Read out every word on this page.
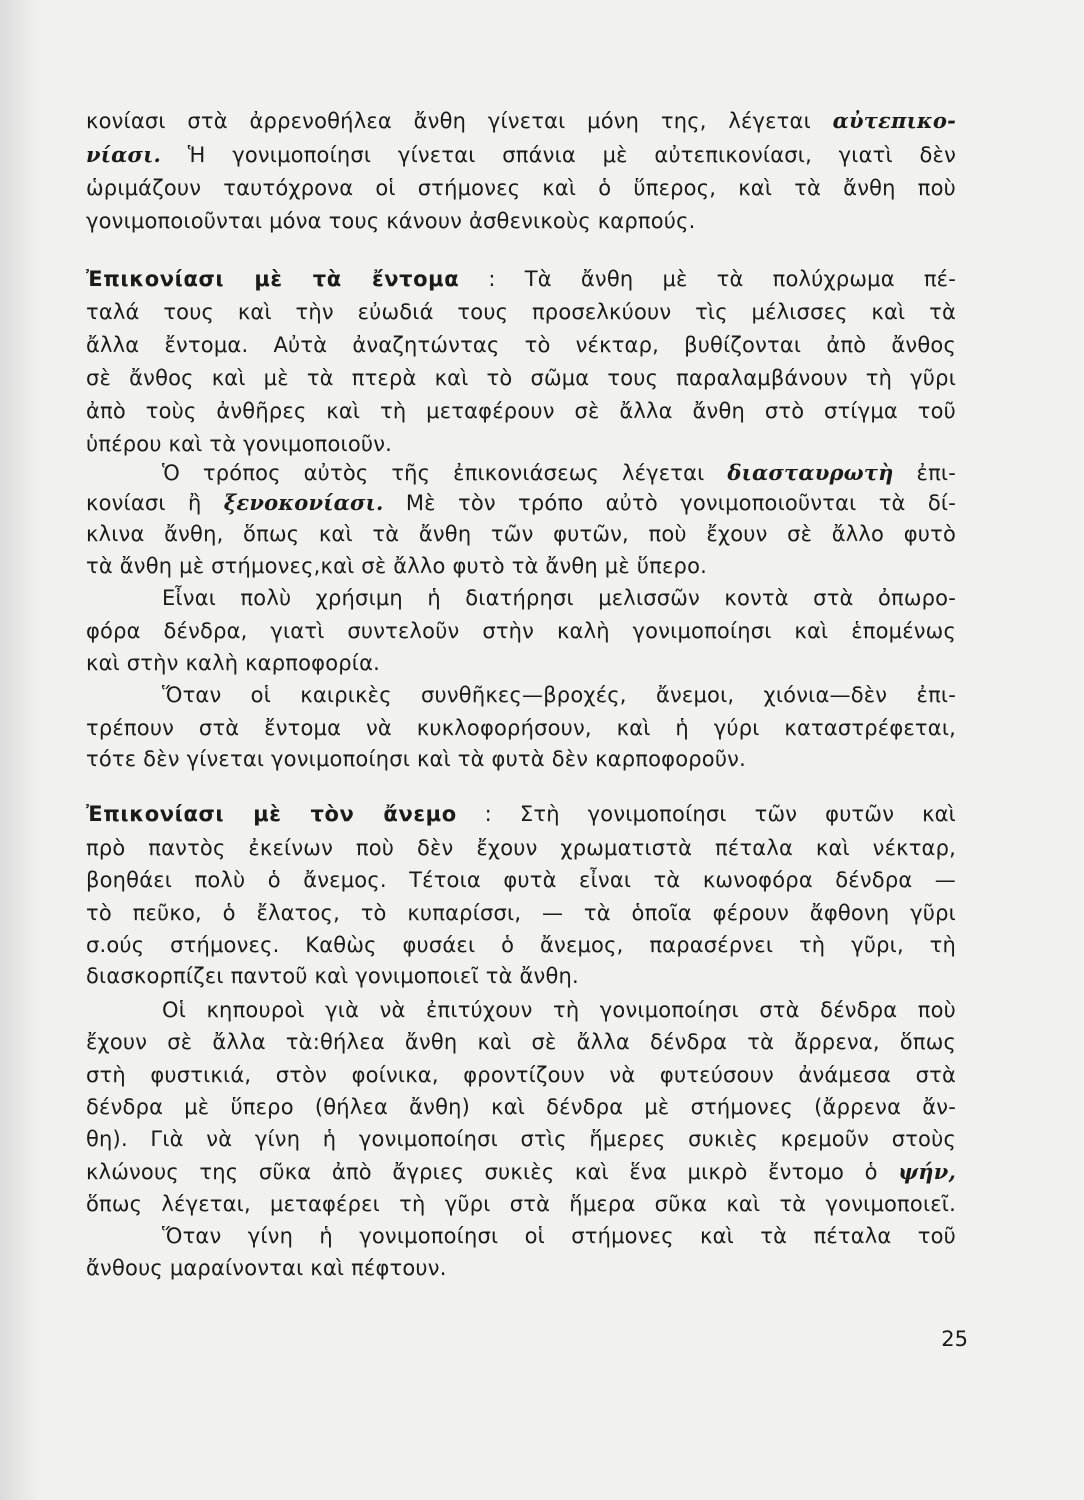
κονίασι στὰ ἀρρενοθήλεα ἄνθη γίνεται μόνη της, λέγεται αὐτεπικο-
νίασι. Ἡ γονιμοποίησι γίνεται σπάνια μὲ αὐτεπικονίασι, γιατὶ δὲν
ὡριμάζουν ταυτόχρονα οἱ στήμονες καὶ ὁ ὕπερος, καὶ τὰ ἄνθη ποὺ
γονιμοποιοῦνται μόνα τους κάνουν ἀσθενικοὺς καρπούς.
Ἐπικονίασι μὲ τὰ ἔντομα : Τὰ ἄνθη μὲ τὰ πολύχρωμα πέ-
ταλά τους καὶ τὴν εὐωδιά τους προσελκύουν τὶς μέλισσες καὶ τὰ
ἄλλα ἔντομα. Αὐτὰ ἀναζητώντας τὸ νέκταρ, βυθίζονται ἀπὸ ἄνθος
σὲ ἄνθος καὶ μὲ τὰ πτερὰ καὶ τὸ σῶμα τους παραλαμβάνουν τὴ γῦρι
ἀπὸ τοὺς ἀνθῆρες καὶ τὴ μεταφέρουν σὲ ἄλλα ἄνθη στὸ στίγμα τοῦ
ὑπέρου καὶ τὰ γονιμοποιοῦν.
Ὁ τρόπος αὐτὸς τῆς ἐπικονιάσεως λέγεται διασταυρωτὴ ἐπι-
κονίασι ἢ ξενοκονίασι. Μὲ τὸν τρόπο αὐτὸ γονιμοποιοῦνται τὰ δί-
κλινα ἄνθη, ὅπως καὶ τὰ ἄνθη τῶν φυτῶν, ποὺ ἔχουν σὲ ἄλλο φυτὸ
τὰ ἄνθη μὲ στήμονες,καὶ σὲ ἄλλο φυτὸ τὰ ἄνθη μὲ ὕπερο.
Εἶναι πολὺ χρήσιμη ἡ διατήρησι μελισσῶν κοντὰ στὰ ὀπωρο-
φόρα δένδρα, γιατὶ συντελοῦν στὴν καλὴ γονιμοποίησι καὶ ἑπομένως
καὶ στὴν καλὴ καρποφορία.
Ὅταν οἱ καιρικὲς συνθῆκες—βροχές, ἄνεμοι, χιόνια—δὲν ἐπι-
τρέπουν στὰ ἔντομα νὰ κυκλοφορήσουν, καὶ ἡ γύρι καταστρέφεται,
τότε δὲν γίνεται γονιμοποίησι καὶ τὰ φυτὰ δὲν καρποφοροῦν.
Ἐπικονίασι μὲ τὸν ἄνεμο : Στὴ γονιμοποίησι τῶν φυτῶν καὶ
πρὸ παντὸς ἐκείνων ποὺ δὲν ἔχουν χρωματιστὰ πέταλα καὶ νέκταρ,
βοηθάει πολὺ ὁ ἄνεμος. Τέτοια φυτὰ εἶναι τὰ κωνοφόρα δένδρα —
τὸ πεῦκο, ὁ ἔλατος, τὸ κυπαρίσσι, — τὰ ὁποῖα φέρουν ἄφθονη γῦρι
σ.ούς στήμονες. Καθὼς φυσάει ὁ ἄνεμος, παρασέρνει τὴ γῦρι, τὴ
διασκορπίζει παντοῦ καὶ γονιμοποιεῖ τὰ ἄνθη.
Οἱ κηπουροὶ γιὰ νὰ ἐπιτύχουν τὴ γονιμοποίησι στὰ δένδρα ποὺ
ἔχουν σὲ ἄλλα τὰ:θήλεα ἄνθη καὶ σὲ ἄλλα δένδρα τὰ ἄρρενα, ὅπως
στὴ φυστικιά, στὸν φοίνικα, φροντίζουν νὰ φυτεύσουν ἀνάμεσα στὰ
δένδρα μὲ ὕπερο (θήλεα ἄνθη) καὶ δένδρα μὲ στήμονες (ἄρρενα ἄν-
θη). Γιὰ νὰ γίνη ἡ γονιμοποίησι στὶς ἥμερες συκιὲς κρεμοῦν στοὺς
κλώνους της σῦκα ἀπὸ ἄγριες συκιὲς καὶ ἕνα μικρὸ ἔντομο ὁ ψήν,
ὅπως λέγεται, μεταφέρει τὴ γῦρι στὰ ἥμερα σῦκα καὶ τὰ γονιμοποιεῖ.
Ὅταν γίνη ἡ γονιμοποίησι οἱ στήμονες καὶ τὰ πέταλα τοῦ
ἄνθους μαραίνονται καὶ πέφτουν.
25
